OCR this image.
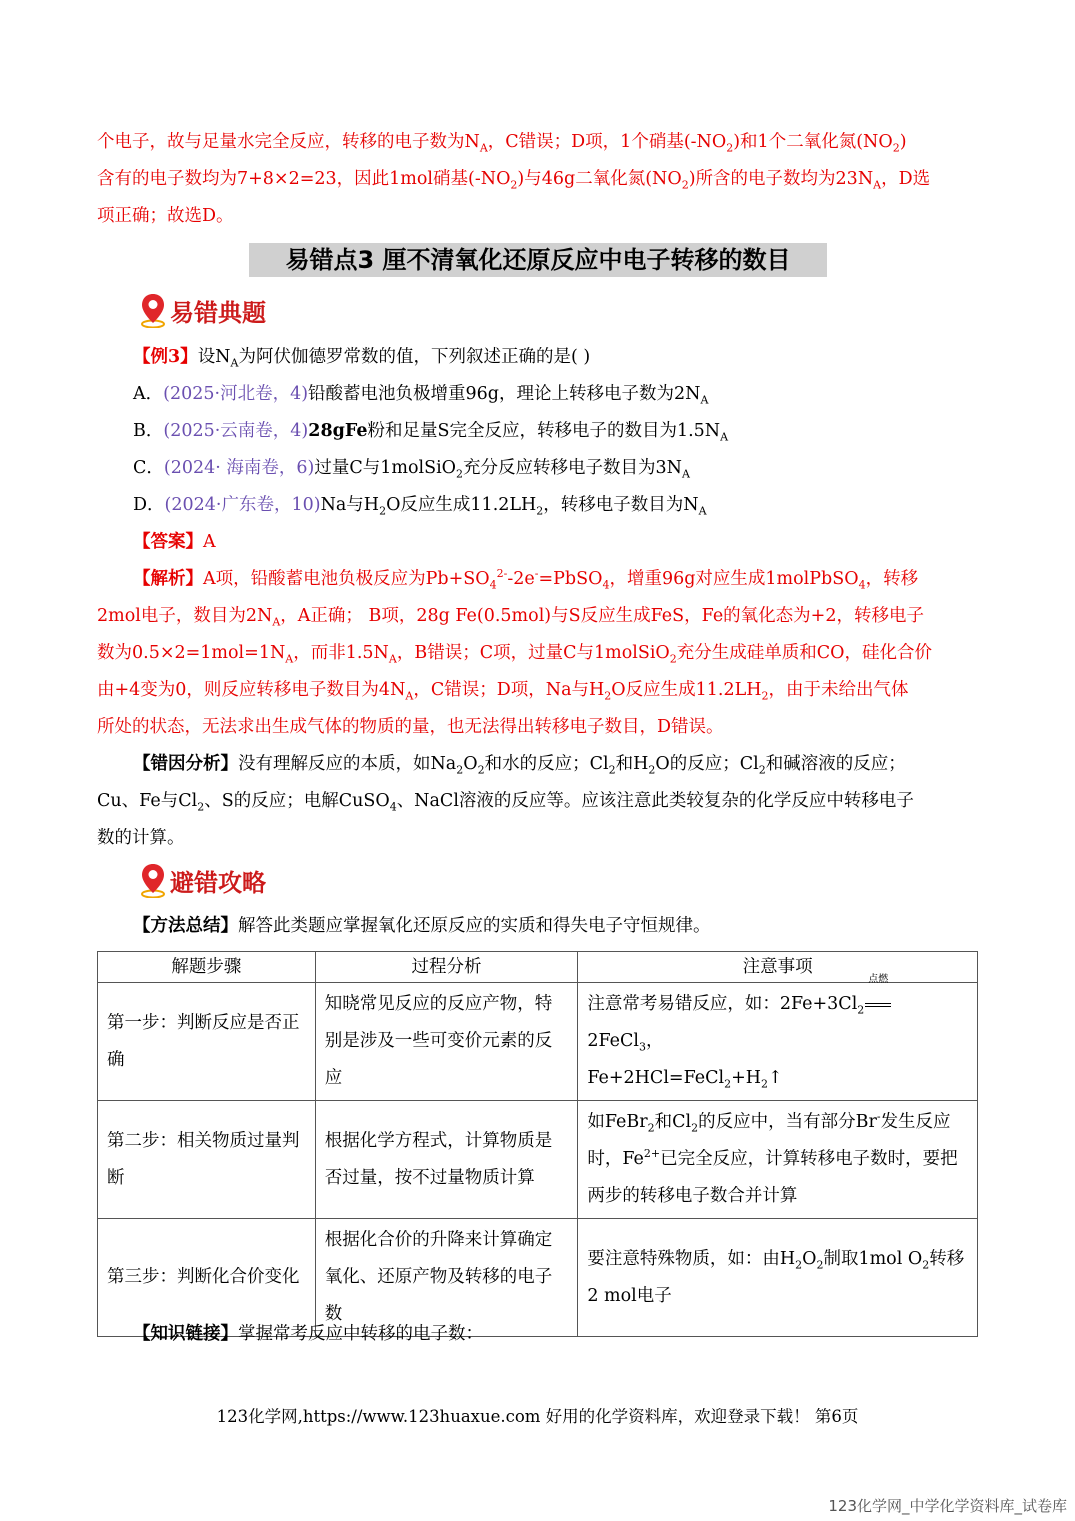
个电子，故与足量水完全反应，转移的电子数为$N_A$，C错误；D项，1个硝基$(-NO_2)$和1个二氧化氮$(NO_2)$
含有的电子数均为7+8×2=23，因此1mol硝基$(-NO_2)$与46g二氧化氮$(NO_2)$所含的电子数均为$23N_A$，D选
项正确；故选D。
易错点3 厘不清氧化还原反应中电子转移的数目
易错典题
【例3】设$N_A$为阿伏伽德罗常数的值，下列叙述正确的是( )
A．(2025·河北卷，4)铅酸蓄电池负极增重96g，理论上转移电子数为$2N_A$
B．(2025·云南卷，4)28gFe粉和足量S完全反应，转移电子的数目为$1.5N_A$
C．(2024· 海南卷，6)过量C与1molSiO$_2$充分反应转移电子数目为$3N_A$
D．(2024·广东卷，10)Na与$H_2O$反应生成$11.2LH_2$，转移电子数目为$N_A$
【答案】A
【解析】A项，铅酸蓄电池负极反应为$Pb+SO_4^{2-}-2e^-=PbSO_4$，增重96g对应生成1molPbSO$_4$，转移
2mol电子，数目为$2N_A$，A正确； B项，28g Fe(0.5mol)与S反应生成FeS，Fe的氧化态为+2，转移电子
数为$0.5\times 2=1mol=1N_A$，而非$1.5N_A$，B错误；C项，过量C与1molSiO$_2$充分生成硅单质和CO，硅化合价
由+4变为0，则反应转移电子数目为$4N_A$，C错误；D项，Na与$H_2O$反应生成$11.2LH_2$，由于未给出气体
所处的状态，无法求出生成气体的物质的量，也无法得出转移电子数目，D错误。
【错因分析】没有理解反应的本质，如$Na_2O_2$和水的反应；$Cl_2$和$H_2O$的反应；$Cl_2$和碱溶液的反应；
Cu、Fe与$Cl_2$、S的反应；电解CuSO$_4$、NaCl溶液的反应等。应该注意此类较复杂的化学反应中转移电子
数的计算。
避错攻略
【方法总结】解答此类题应掌握氧化还原反应的实质和得失电子守恒规律。
解题步骤	过程分析	注意事项
第一步：判断反应是否正确	知晓常见反应的反应产物，特别是涉及一些可变价元素的反应	注意常考易错反应，如：$2Fe+3Cl_2$
点燃
2FeCl$_3$，
$Fe+2HCl=FeCl_2+H_2↑$
第二步：相关物质过量判断	根据化学方程式，计算物质是否过量，按不过量物质计算	如FeBr$_2$和$Cl_2$的反应中，当有部分Br-发生反应时，$Fe^{2+}$已完全反应，计算转移电子数时，要把两步的转移电子数合并计算
第三步：判断化合价变化	根据化合价的升降来计算确定氧化、还原产物及转移的电子数	要注意特殊物质，如：由$H_2O_2$制取1mol $O_2$转移2 mol电子
【知识链接】掌握常考反应中转移的电子数：
123化学网,https://www.123huaxue.com 好用的化学资料库，欢迎登录下载！ 第6页
123化学网_中学化学资料库_试卷库
